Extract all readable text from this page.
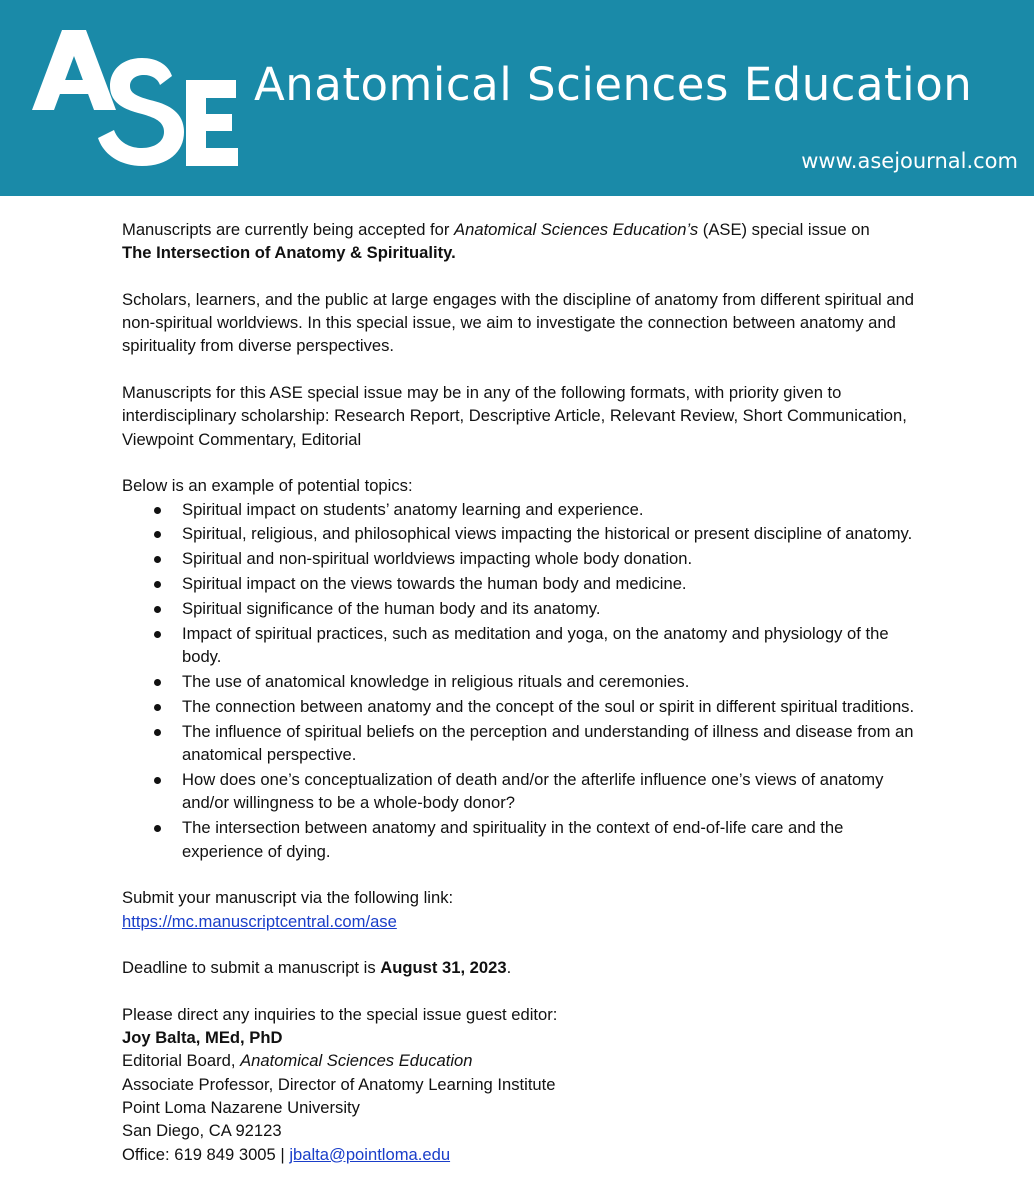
Anatomical Sciences Education
www.asejournal.com

Manuscripts are currently being accepted for Anatomical Sciences Education’s (ASE) special issue on
The Intersection of Anatomy & Spirituality.

Scholars, learners, and the public at large engages with the discipline of anatomy from different spiritual and non-spiritual worldviews. In this special issue, we aim to investigate the connection between anatomy and spirituality from diverse perspectives.

Manuscripts for this ASE special issue may be in any of the following formats, with priority given to interdisciplinary scholarship: Research Report, Descriptive Article, Relevant Review, Short Communication, Viewpoint Commentary, Editorial

Below is an example of potential topics:

Spiritual impact on students’ anatomy learning and experience.
Spiritual, religious, and philosophical views impacting the historical or present discipline of anatomy.
Spiritual and non-spiritual worldviews impacting whole body donation.
Spiritual impact on the views towards the human body and medicine.
Spiritual significance of the human body and its anatomy.
Impact of spiritual practices, such as meditation and yoga, on the anatomy and physiology of the body.
The use of anatomical knowledge in religious rituals and ceremonies.
The connection between anatomy and the concept of the soul or spirit in different spiritual traditions.
The influence of spiritual beliefs on the perception and understanding of illness and disease from an anatomical perspective.
How does one’s conceptualization of death and/or the afterlife influence one’s views of anatomy and/or willingness to be a whole-body donor?
The intersection between anatomy and spirituality in the context of end-of-life care and the experience of dying.

Submit your manuscript via the following link:
https://mc.manuscriptcentral.com/ase

Deadline to submit a manuscript is August 31, 2023.

Please direct any inquiries to the special issue guest editor:
Joy Balta, MEd, PhD
Editorial Board, Anatomical Sciences Education
Associate Professor, Director of Anatomy Learning Institute
Point Loma Nazarene University
San Diego, CA 92123
Office: 619 849 3005 | jbalta@pointloma.edu
